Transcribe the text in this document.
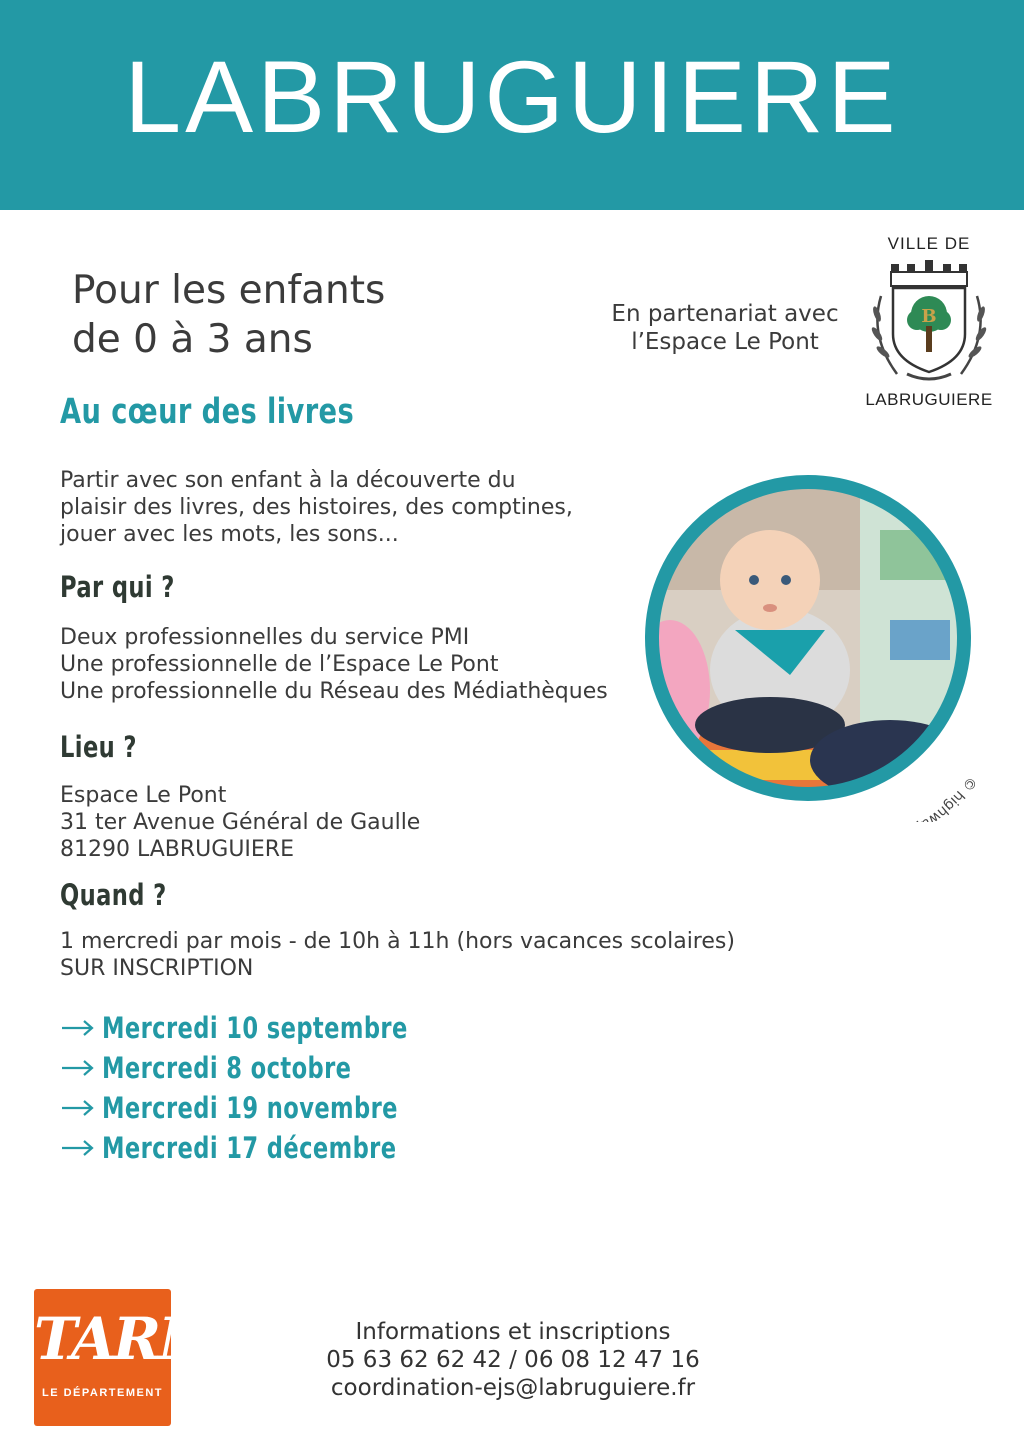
LABRUGUIERE
Pour les enfants
de 0 à 3 ans
En partenariat avec
l’Espace Le Pont
VILLE DE
B
LABRUGUIERE
Au cœur des livres
Partir avec son enfant à la découverte du
plaisir des livres, des histoires, des comptines,
jouer avec les mots, les sons...
Par qui ?
Deux professionnelles du service PMI
Une professionnelle de l’Espace Le Pont
Une professionnelle du Réseau des Médiathèques
Lieu ?
Espace Le Pont
31 ter Avenue Général de Gaulle
81290 LABRUGUIERE
Quand ?
1 mercredi par mois - de 10h à 11h (hors vacances scolaires)
SUR INSCRIPTION
© highw
Mercredi 10 septembre
Mercredi 8 octobre
Mercredi 19 novembre
Mercredi 17 décembre
TARN
LE DÉPARTEMENT
Informations et inscriptions
05 63 62 62 42 / 06 08 12 47 16
coordination-ejs@labruguiere.fr
